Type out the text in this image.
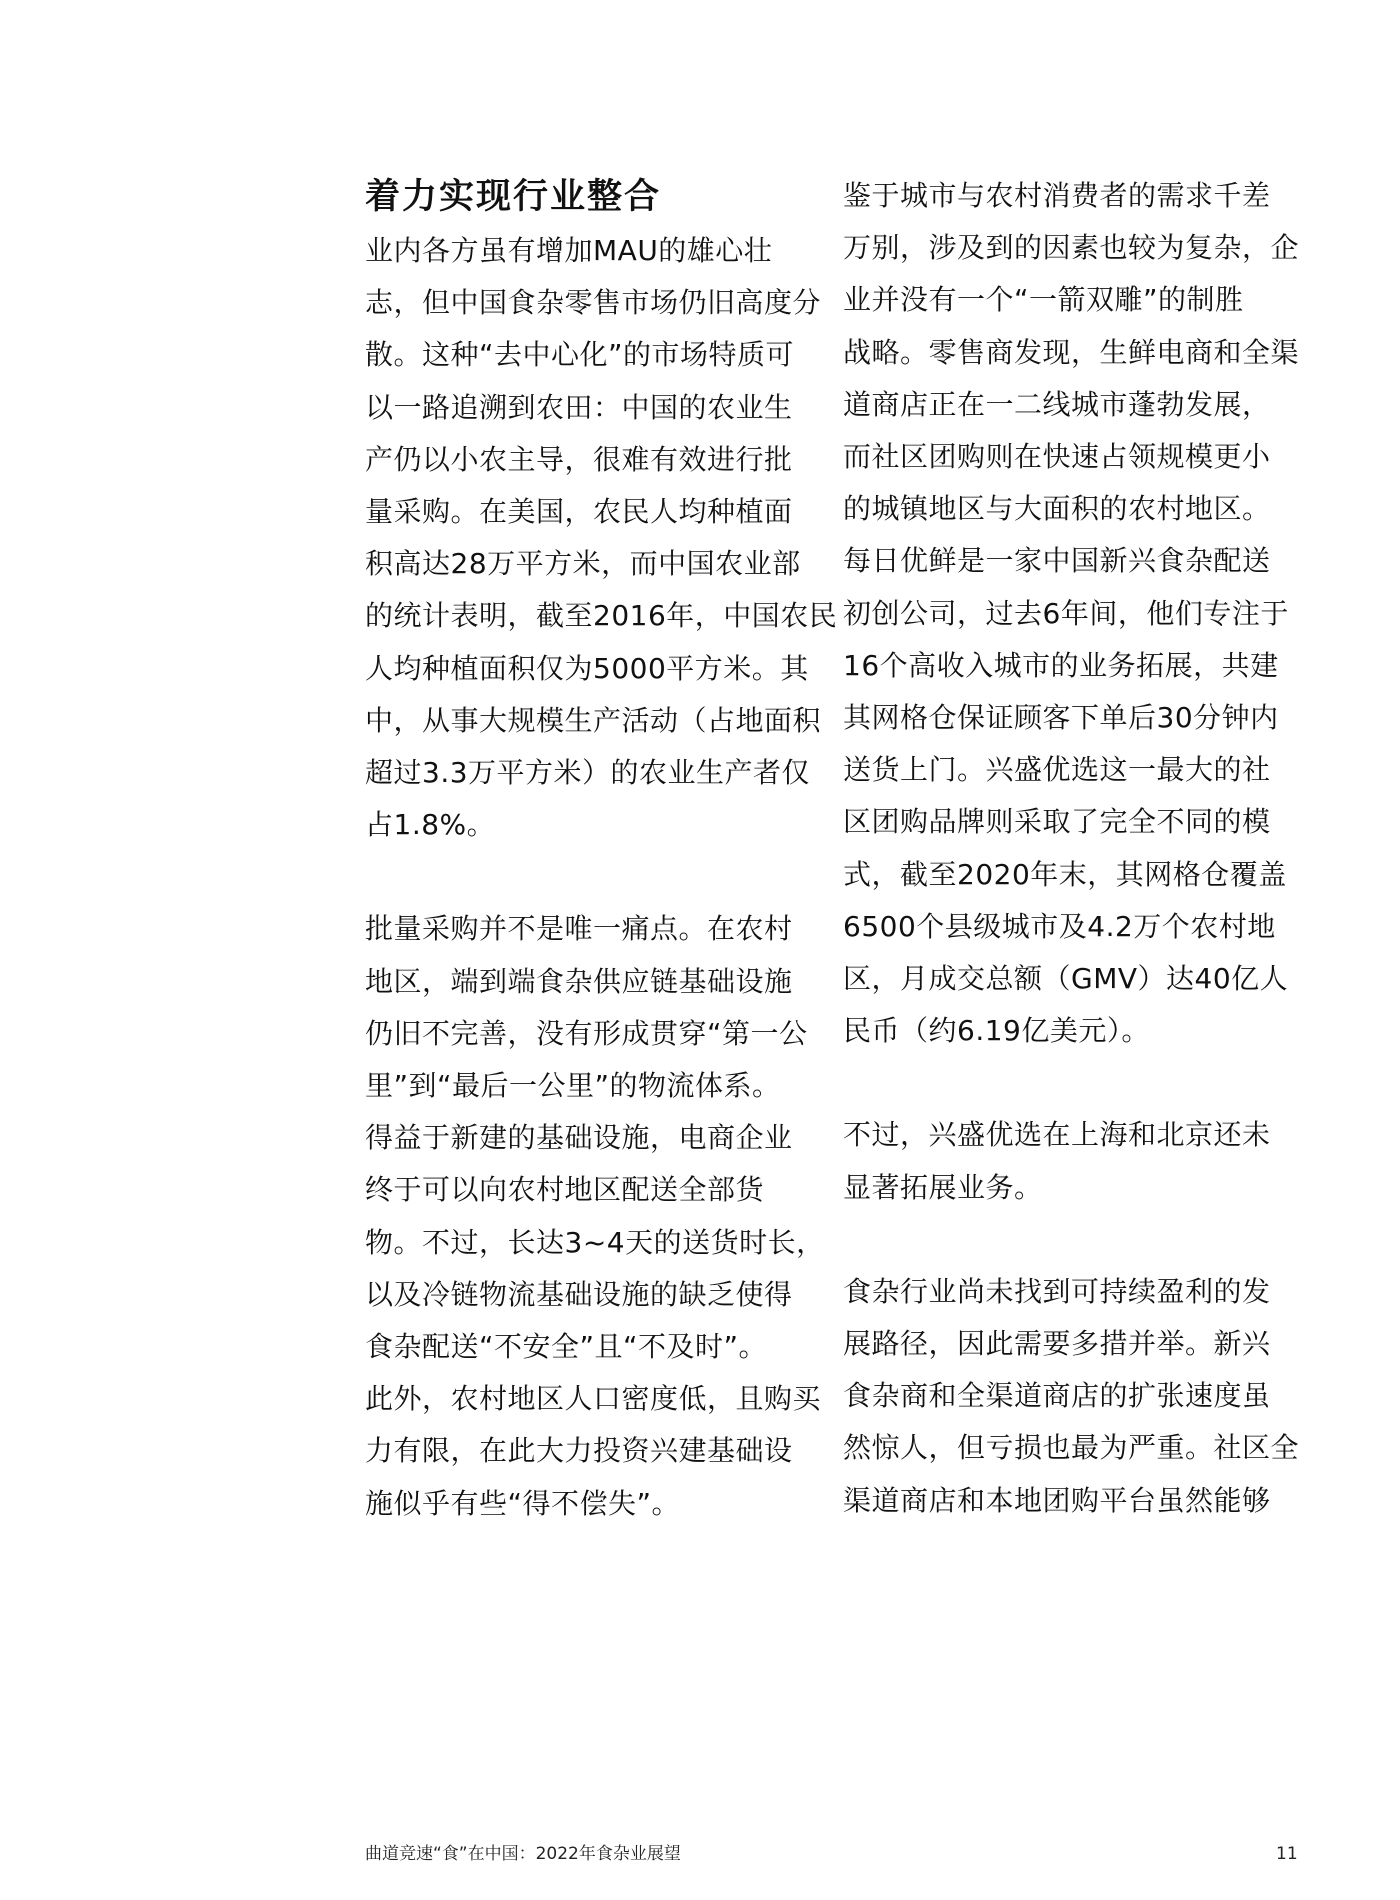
着力实现行业整合

业内各方虽有增加MAU的雄心壮
志，但中国食杂零售市场仍旧高度分
散。这种“去中心化”的市场特质可
以一路追溯到农田：中国的农业生
产仍以小农主导，很难有效进行批
量采购。在美国，农民人均种植面
积高达28万平方米，而中国农业部
的统计表明，截至2016年，中国农民
人均种植面积仅为5000平方米。其
中，从事大规模生产活动（占地面积
超过3.3万平方米）的农业生产者仅
占1.8%。

批量采购并不是唯一痛点。在农村
地区，端到端食杂供应链基础设施
仍旧不完善，没有形成贯穿“第一公
里”到“最后一公里”的物流体系。
得益于新建的基础设施，电商企业
终于可以向农村地区配送全部货
物。不过，长达3~4天的送货时长，
以及冷链物流基础设施的缺乏使得
食杂配送“不安全”且“不及时”。
此外，农村地区人口密度低，且购买
力有限，在此大力投资兴建基础设
施似乎有些“得不偿失”。

鉴于城市与农村消费者的需求千差
万别，涉及到的因素也较为复杂，企
业并没有一个“一箭双雕”的制胜
战略。零售商发现，生鲜电商和全渠
道商店正在一二线城市蓬勃发展，
而社区团购则在快速占领规模更小
的城镇地区与大面积的农村地区。
每日优鲜是一家中国新兴食杂配送
初创公司，过去6年间，他们专注于
16个高收入城市的业务拓展，共建
其网格仓保证顾客下单后30分钟内
送货上门。兴盛优选这一最大的社
区团购品牌则采取了完全不同的模
式，截至2020年末，其网格仓覆盖
6500个县级城市及4.2万个农村地
区，月成交总额（GMV）达40亿人
民币（约6.19亿美元）。

不过，兴盛优选在上海和北京还未
显著拓展业务。

食杂行业尚未找到可持续盈利的发
展路径，因此需要多措并举。新兴
食杂商和全渠道商店的扩张速度虽
然惊人，但亏损也最为严重。社区全
渠道商店和本地团购平台虽然能够

曲道竞速“食”在中国：2022年食杂业展望	11
